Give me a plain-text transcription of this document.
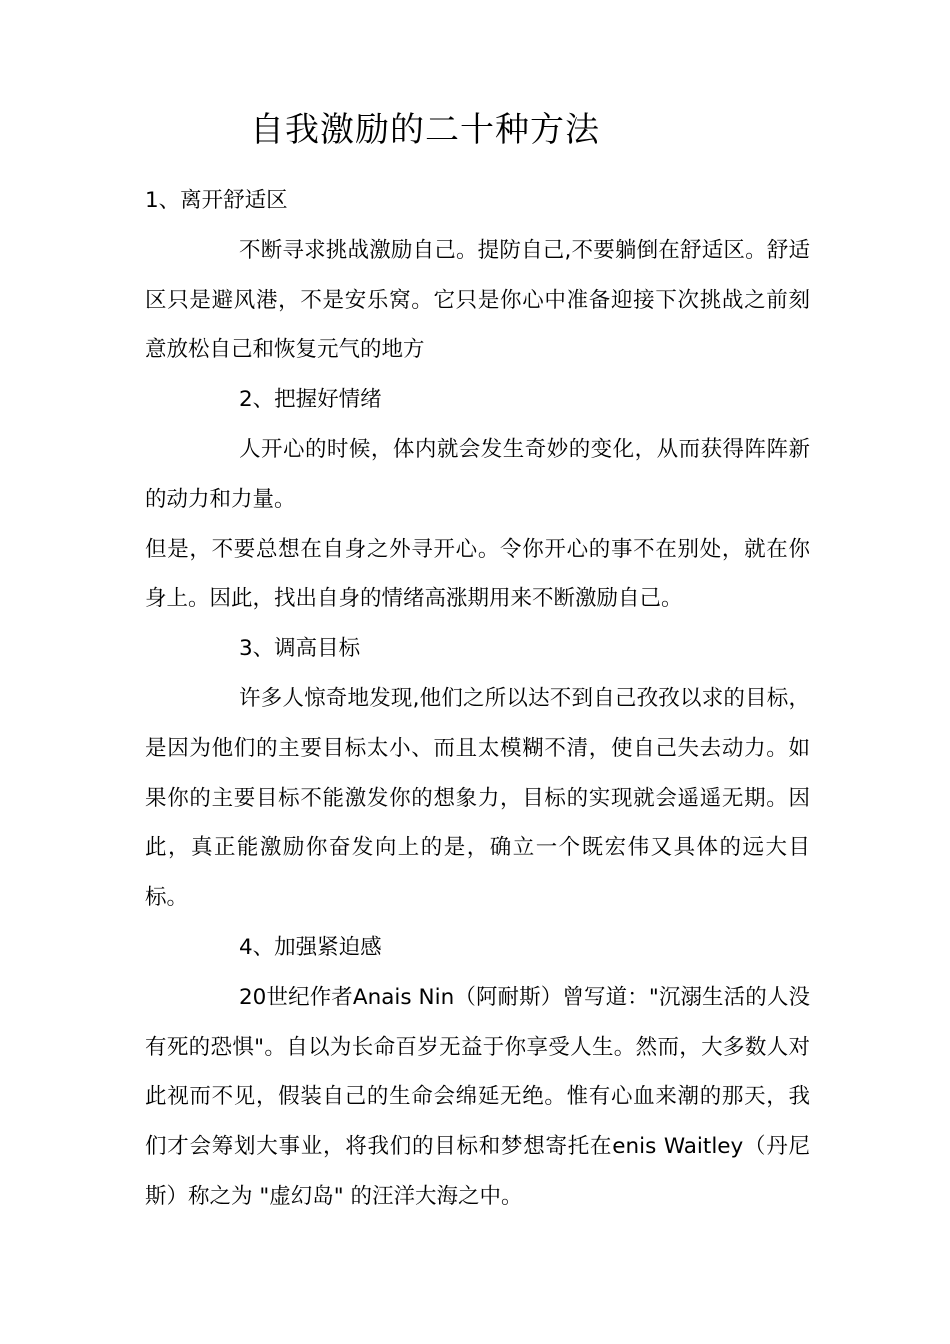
自我激励的二十种方法

1、离开舒适区

不断寻求挑战激励自己。提防自己,不要躺倒在舒适区。舒适区只是避风港，不是安乐窝。它只是你心中准备迎接下次挑战之前刻意放松自己和恢复元气的地方

2、把握好情绪

人开心的时候，体内就会发生奇妙的变化，从而获得阵阵新的动力和力量。

但是，不要总想在自身之外寻开心。令你开心的事不在别处，就在你身上。因此，找出自身的情绪高涨期用来不断激励自己。

3、调高目标

许多人惊奇地发现,他们之所以达不到自己孜孜以求的目标，是因为他们的主要目标太小、而且太模糊不清，使自己失去动力。如果你的主要目标不能激发你的想象力，目标的实现就会遥遥无期。因此，真正能激励你奋发向上的是，确立一个既宏伟又具体的远大目标。

4、加强紧迫感

20世纪作者Anais Nin（阿耐斯）曾写道："沉溺生活的人没有死的恐惧"。自以为长命百岁无益于你享受人生。然而，大多数人对此视而不见，假装自己的生命会绵延无绝。惟有心血来潮的那天，我们才会筹划大事业，将我们的目标和梦想寄托在enis Waitley（丹尼斯）称之为 "虚幻岛" 的汪洋大海之中。
